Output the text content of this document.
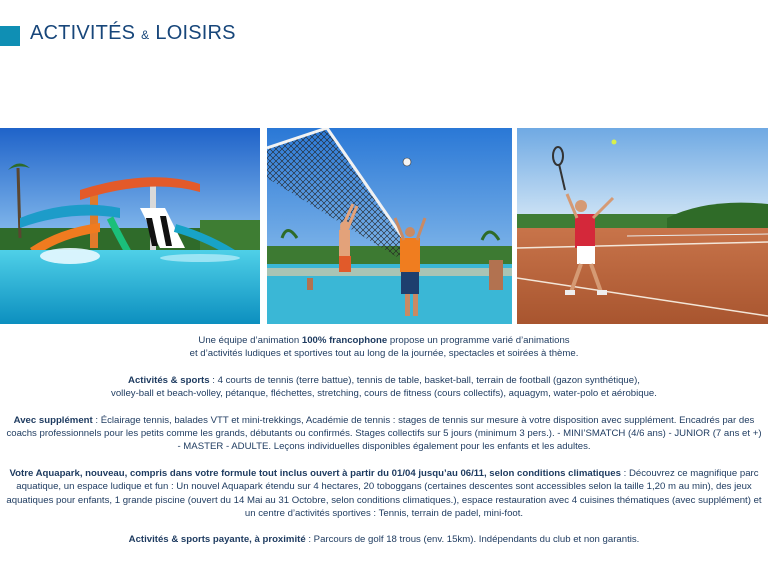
ACTIVITÉS & LOISIRS

Une équipe d’animation 100% francophone propose un programme varié d’animations
et d’activités ludiques et sportives tout au long de la journée, spectacles et soirées à thème.

Activités & sports : 4 courts de tennis (terre battue), tennis de table, basket-ball, terrain de football (gazon synthétique),
volley-ball et beach-volley, pétanque, fléchettes, stretching, cours de fitness (cours collectifs), aquagym, water-polo et aérobique.

Avec supplément : Éclairage tennis, balades VTT et mini-trekkings, Académie de tennis : stages de tennis sur mesure à votre disposition avec supplément. Encadrés par des coachs professionnels pour les petits comme les grands, débutants ou confirmés. Stages collectifs sur 5 jours (minimum 3 pers.). - MINI’SMATCH (4/6 ans) - JUNIOR (7 ans et +) - MASTER - ADULTE. Leçons individuelles disponibles également pour les enfants et les adultes.

Votre Aquapark, nouveau, compris dans votre formule tout inclus ouvert à partir du 01/04 jusqu’au 06/11, selon conditions climatiques : Découvrez ce magnifique parc aquatique, un espace ludique et fun : Un nouvel Aquapark étendu sur 4 hectares, 20 toboggans (certaines descentes sont accessibles selon la taille 1,20 m au min), des jeux aquatiques pour enfants, 1 grande piscine (ouvert du 14 Mai au 31 Octobre, selon conditions climatiques.), espace restauration avec 4 cuisines thématiques (avec supplément) et un centre d’activités sportives : Tennis, terrain de padel, mini-foot.

Activités & sports payante, à proximité : Parcours de golf 18 trous (env. 15km). Indépendants du club et non garantis.
